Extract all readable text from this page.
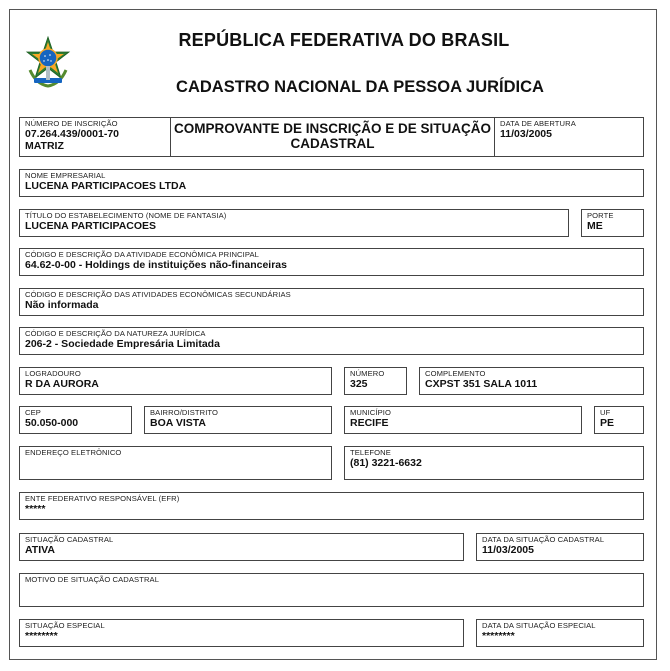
REPÚBLICA FEDERATIVA DO BRASIL
CADASTRO NACIONAL DA PESSOA JURÍDICA
NÚMERO DE INSCRIÇÃO
07.264.439/0001-70
MATRIZ
COMPROVANTE DE INSCRIÇÃO E DE SITUAÇÃO
CADASTRAL
DATA DE ABERTURA
11/03/2005
NOME EMPRESARIAL
LUCENA PARTICIPACOES LTDA
TÍTULO DO ESTABELECIMENTO (NOME DE FANTASIA)
LUCENA PARTICIPACOES
PORTE
ME
CÓDIGO E DESCRIÇÃO DA ATIVIDADE ECONÔMICA PRINCIPAL
64.62-0-00 - Holdings de instituições não-financeiras
CÓDIGO E DESCRIÇÃO DAS ATIVIDADES ECONÔMICAS SECUNDÁRIAS
Não informada
CÓDIGO E DESCRIÇÃO DA NATUREZA JURÍDICA
206-2 - Sociedade Empresária Limitada
LOGRADOURO
R DA AURORA
NÚMERO
325
COMPLEMENTO
CXPST 351 SALA 1011
CEP
50.050-000
BAIRRO/DISTRITO
BOA VISTA
MUNICÍPIO
RECIFE
UF
PE
ENDEREÇO ELETRÔNICO	TELEFONE
(81) 3221-6632
ENTE FEDERATIVO RESPONSÁVEL (EFR)
*****
SITUAÇÃO CADASTRAL
ATIVA
DATA DA SITUAÇÃO CADASTRAL
11/03/2005
MOTIVO DE SITUAÇÃO CADASTRAL
SITUAÇÃO ESPECIAL
********
DATA DA SITUAÇÃO ESPECIAL
********
